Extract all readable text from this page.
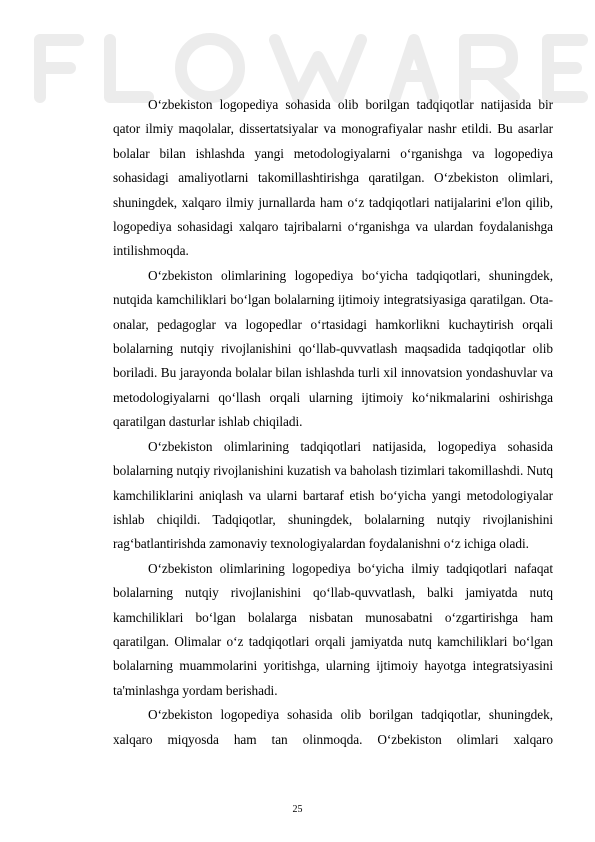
O‘zbekiston logopediya sohasida olib borilgan tadqiqotlar natijasida bir qator ilmiy maqolalar, dissertatsiyalar va monografiyalar nashr etildi. Bu asarlar bolalar bilan ishlashda yangi metodologiyalarni o‘rganishga va logopediya sohasidagi amaliyotlarni takomillashtirishga qaratilgan. O‘zbekiston olimlari, shuningdek, xalqaro ilmiy jurnallarda ham o‘z tadqiqotlari natijalarini e'lon qilib, logopediya sohasidagi xalqaro tajribalarni o‘rganishga va ulardan foydalanishga intilishmoqda.

O‘zbekiston olimlarining logopediya bo‘yicha tadqiqotlari, shuningdek, nutqida kamchiliklari bo‘lgan bolalarning ijtimoiy integratsiyasiga qaratilgan. Ota-onalar, pedagoglar va logopedlar o‘rtasidagi hamkorlikni kuchaytirish orqali bolalarning nutqiy rivojlanishini qo‘llab-quvvatlash maqsadida tadqiqotlar olib boriladi. Bu jarayonda bolalar bilan ishlashda turli xil innovatsion yondashuvlar va metodologiyalarni qo‘llash orqali ularning ijtimoiy ko‘nikmalarini oshirishga qaratilgan dasturlar ishlab chiqiladi.

O‘zbekiston olimlarining tadqiqotlari natijasida, logopediya sohasida bolalarning nutqiy rivojlanishini kuzatish va baholash tizimlari takomillashdi. Nutq kamchiliklarini aniqlash va ularni bartaraf etish bo‘yicha yangi metodologiyalar ishlab chiqildi. Tadqiqotlar, shuningdek, bolalarning nutqiy rivojlanishini rag‘batlantirishda zamonaviy texnologiyalardan foydalanishni o‘z ichiga oladi.

O‘zbekiston olimlarining logopediya bo‘yicha ilmiy tadqiqotlari nafaqat bolalarning nutqiy rivojlanishini qo‘llab-quvvatlash, balki jamiyatda nutq kamchiliklari bo‘lgan bolalarga nisbatan munosabatni o‘zgartirishga ham qaratilgan. Olimalar o‘z tadqiqotlari orqali jamiyatda nutq kamchiliklari bo‘lgan bolalarning muammolarini yoritishga, ularning ijtimoiy hayotga integratsiyasini ta'minlashga yordam berishadi.

O‘zbekiston logopediya sohasida olib borilgan tadqiqotlar, shuningdek, xalqaro miqyosda ham tan olinmoqda. O‘zbekiston olimlari xalqaro

25
